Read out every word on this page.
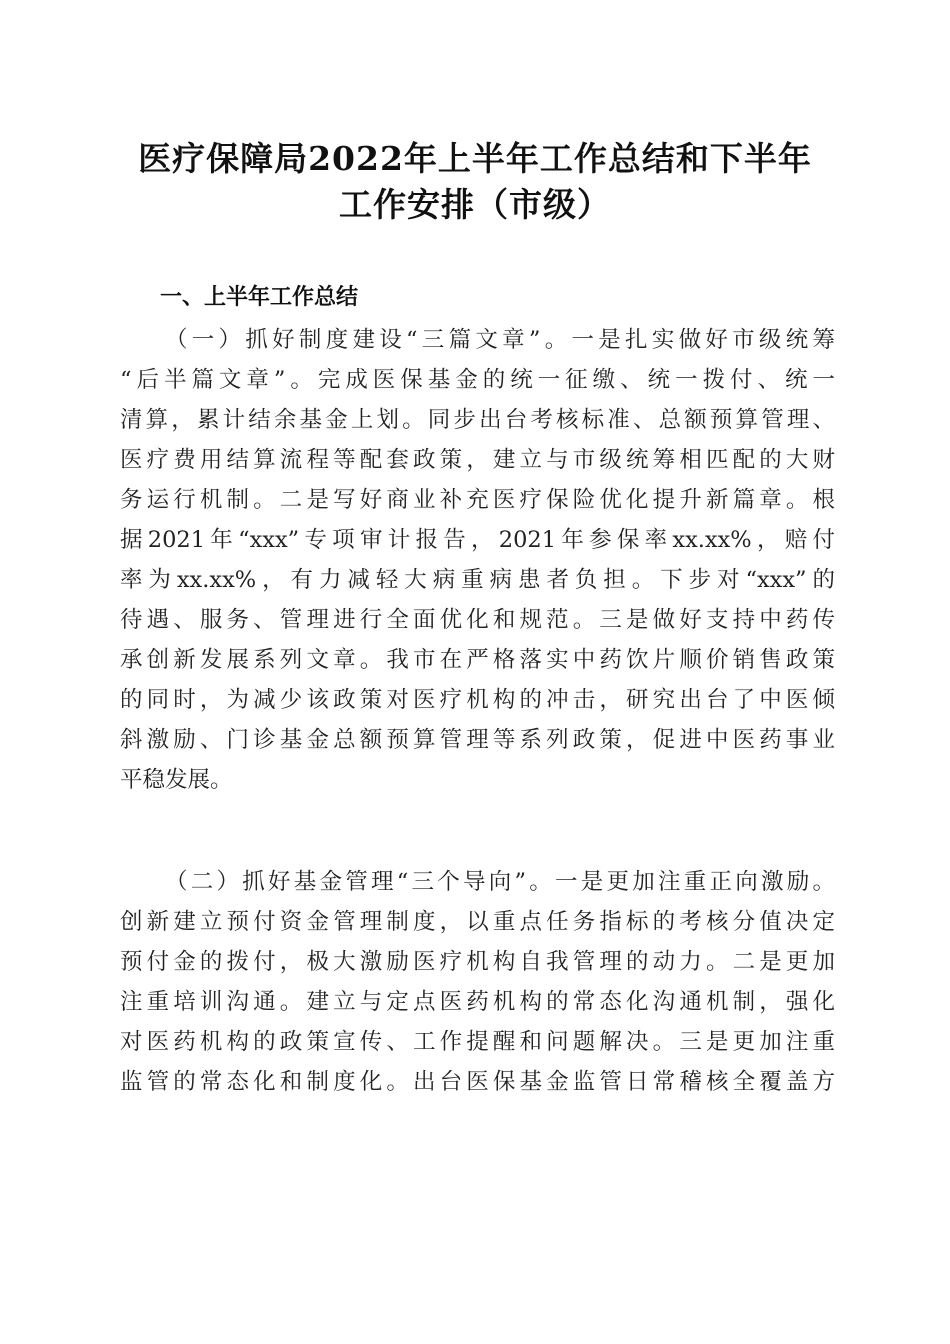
医疗保障局2022年上半年工作总结和下半年
工作安排（市级）
一、上半年工作总结
（一）抓好制度建设“三篇文章”。一是扎实做好市级统筹
“后半篇文章”。完成医保基金的统一征缴、统一拨付、统一
清算，累计结余基金上划。同步出台考核标准、总额预算管理、
医疗费用结算流程等配套政策，建立与市级统筹相匹配的大财
务运行机制。二是写好商业补充医疗保险优化提升新篇章。根
据2021年“xxx”专项审计报告，2021年参保率xx.xx%，赔付
率为xx.xx%，有力减轻大病重病患者负担。下步对“xxx”的
待遇、服务、管理进行全面优化和规范。三是做好支持中药传
承创新发展系列文章。我市在严格落实中药饮片顺价销售政策
的同时，为减少该政策对医疗机构的冲击，研究出台了中医倾
斜激励、门诊基金总额预算管理等系列政策，促进中医药事业
平稳发展。
（二）抓好基金管理“三个导向”。一是更加注重正向激励。
创新建立预付资金管理制度，以重点任务指标的考核分值决定
预付金的拨付，极大激励医疗机构自我管理的动力。二是更加
注重培训沟通。建立与定点医药机构的常态化沟通机制，强化
对医药机构的政策宣传、工作提醒和问题解决。三是更加注重
监管的常态化和制度化。出台医保基金监管日常稽核全覆盖方
